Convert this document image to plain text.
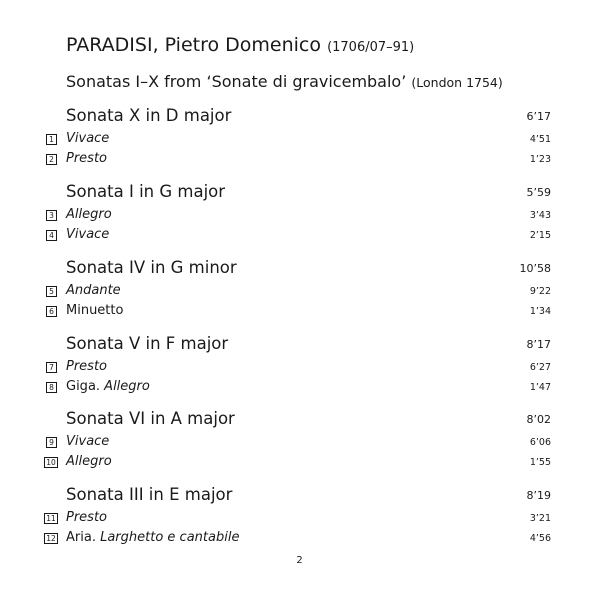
PARADISI, Pietro Domenico (1706/07–91)
Sonatas I–X from ‘Sonate di gravicembalo’ (London 1754)
Sonata X in D major	6’17
1 Vivace	4’51
2 Presto	1’23
Sonata I in G major	5’59
3 Allegro	3’43
4 Vivace	2’15
Sonata IV in G minor	10’58
5 Andante	9’22
6 Minuetto	1’34
Sonata V in F major	8’17
7 Presto	6’27
8 Giga. Allegro	1’47
Sonata VI in A major	8’02
9 Vivace	6’06
10 Allegro	1’55
Sonata III in E major	8’19
11 Presto	3’21
12 Aria. Larghetto e cantabile	4’56
2
